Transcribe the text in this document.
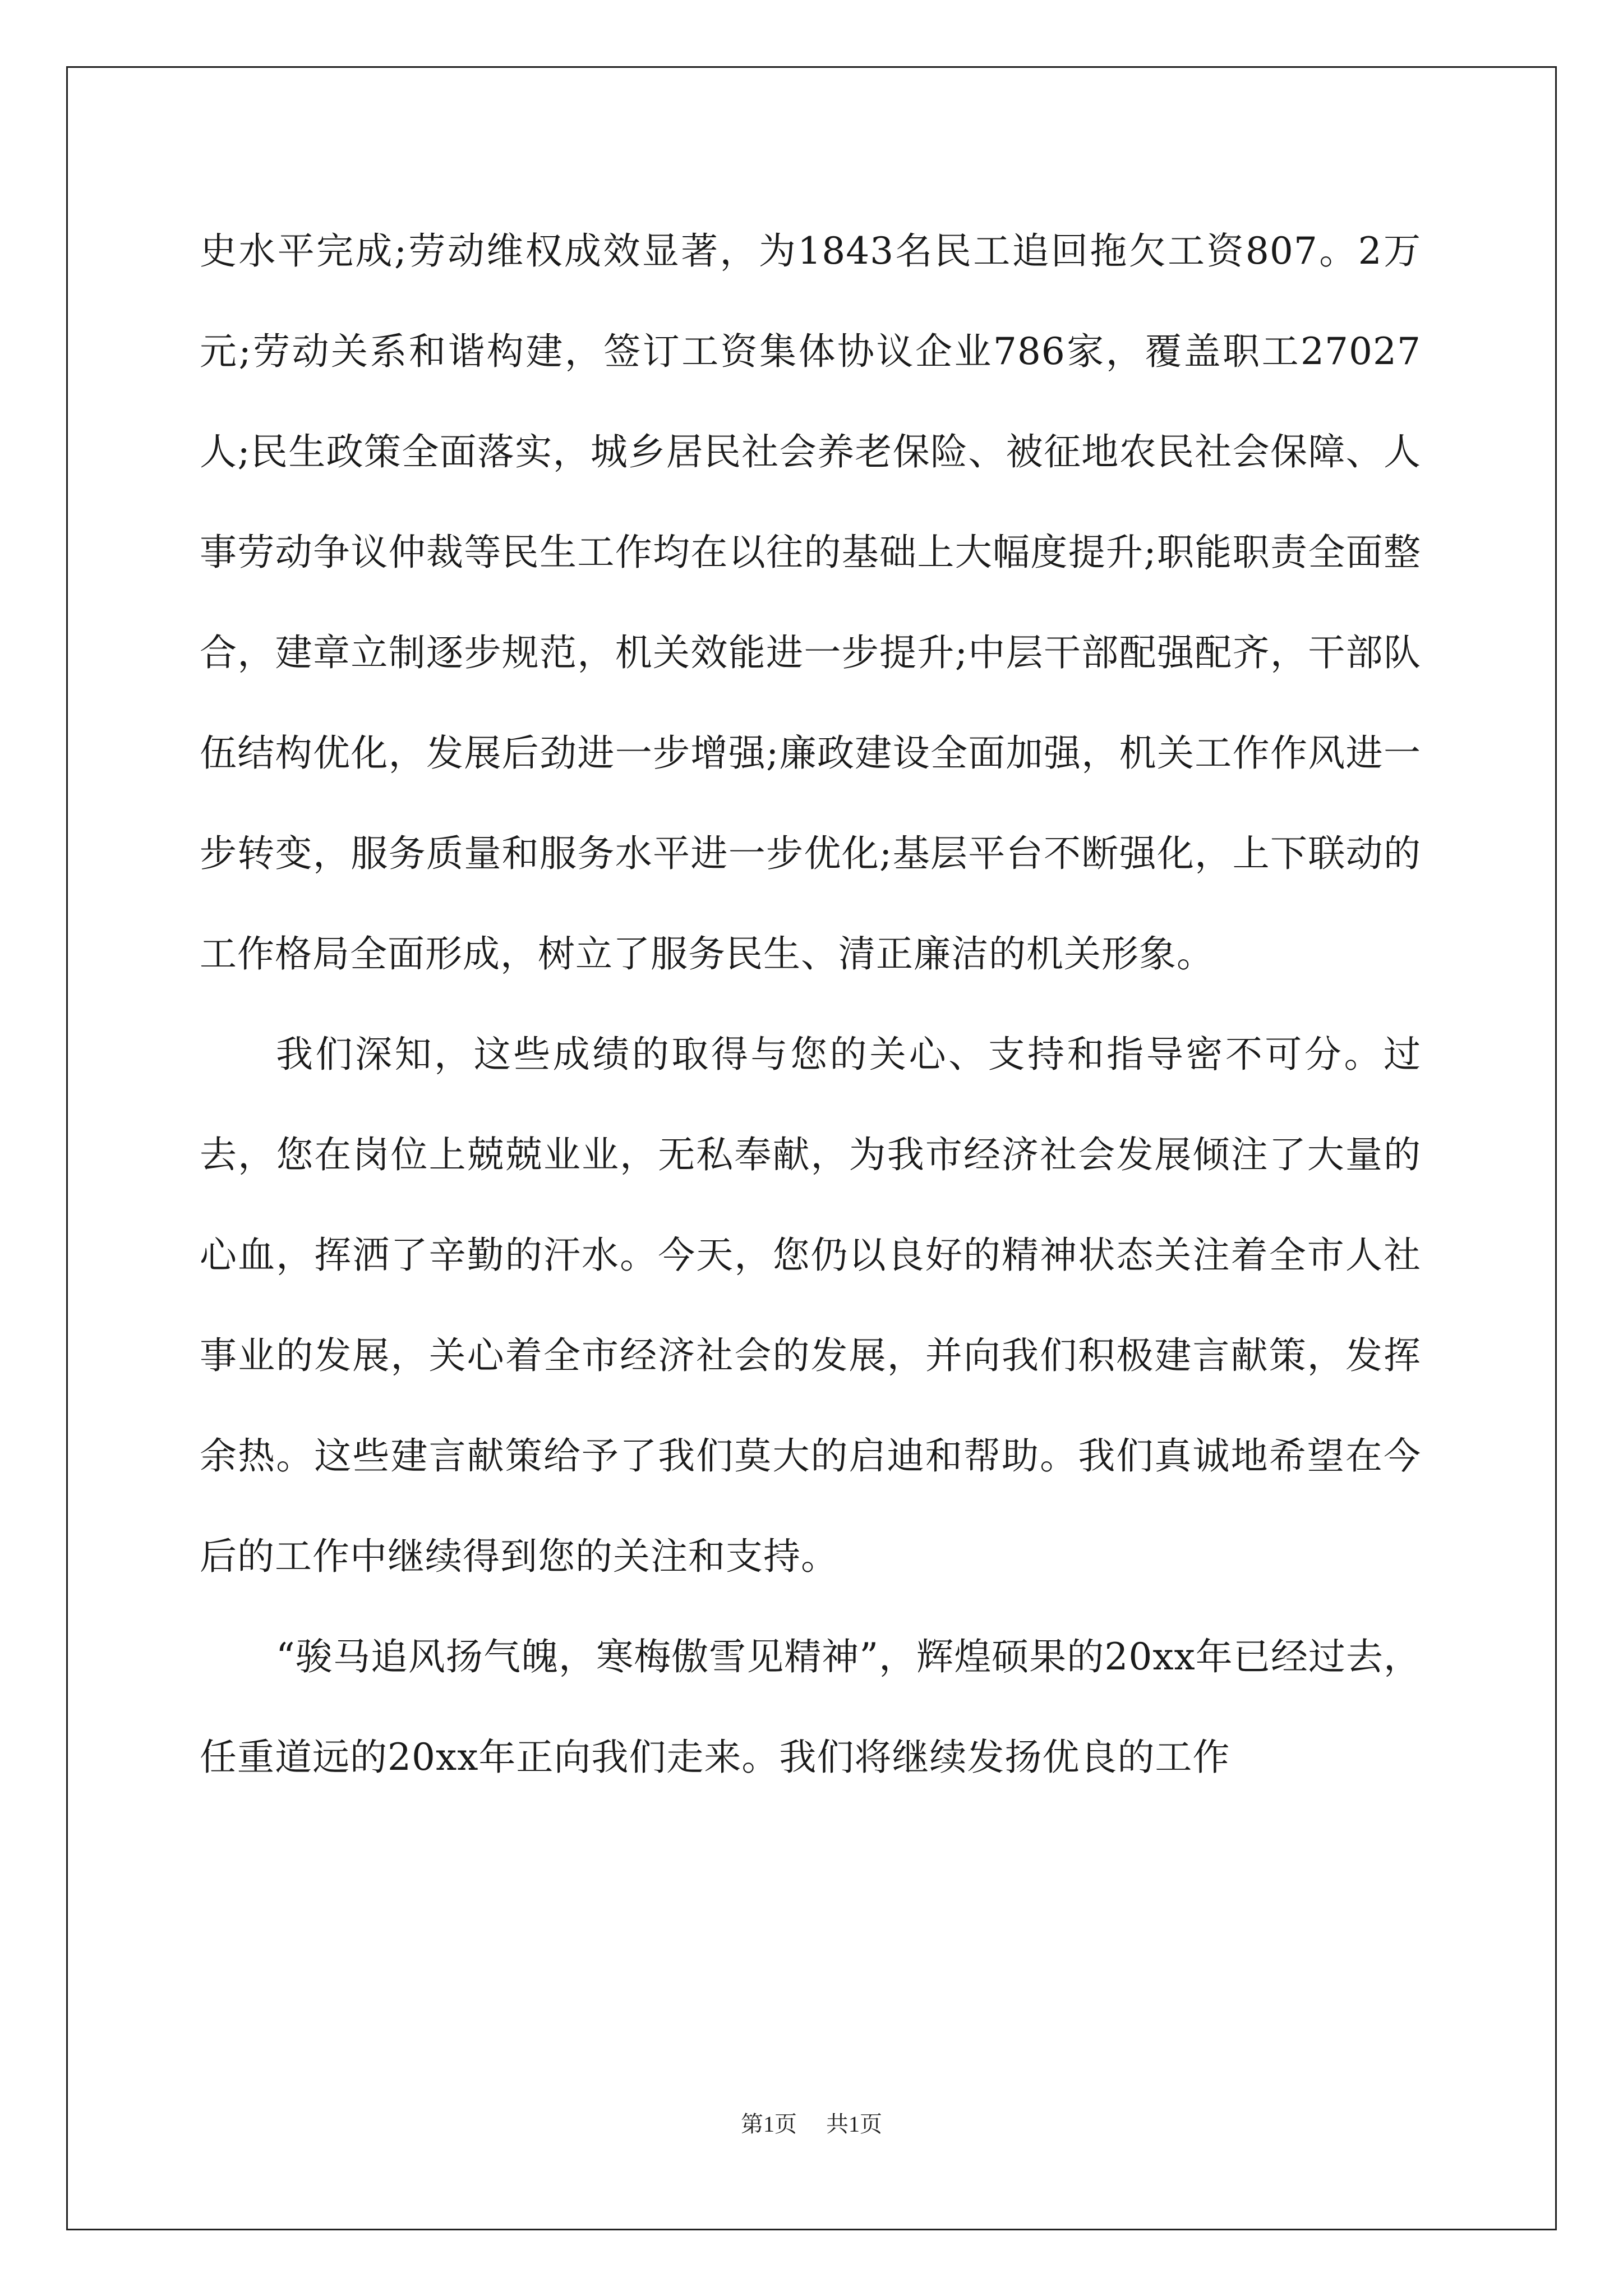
史水平完成;劳动维权成效显著，为1843名民工追回拖欠工资807。2万元;劳动关系和谐构建，签订工资集体协议企业786家，覆盖职工27027人;民生政策全面落实，城乡居民社会养老保险、被征地农民社会保障、人事劳动争议仲裁等民生工作均在以往的基础上大幅度提升;职能职责全面整合，建章立制逐步规范，机关效能进一步提升;中层干部配强配齐，干部队伍结构优化，发展后劲进一步增强;廉政建设全面加强，机关工作作风进一步转变，服务质量和服务水平进一步优化;基层平台不断强化，上下联动的工作格局全面形成，树立了服务民生、清正廉洁的机关形象。

我们深知，这些成绩的取得与您的关心、支持和指导密不可分。过去，您在岗位上兢兢业业，无私奉献，为我市经济社会发展倾注了大量的心血，挥洒了辛勤的汗水。今天，您仍以良好的精神状态关注着全市人社事业的发展，关心着全市经济社会的发展，并向我们积极建言献策，发挥余热。这些建言献策给予了我们莫大的启迪和帮助。我们真诚地希望在今后的工作中继续得到您的关注和支持。

“骏马追风扬气魄，寒梅傲雪见精神”，辉煌硕果的20xx年已经过去，任重道远的20xx年正向我们走来。我们将继续发扬优良的工作

第1页 共1页
